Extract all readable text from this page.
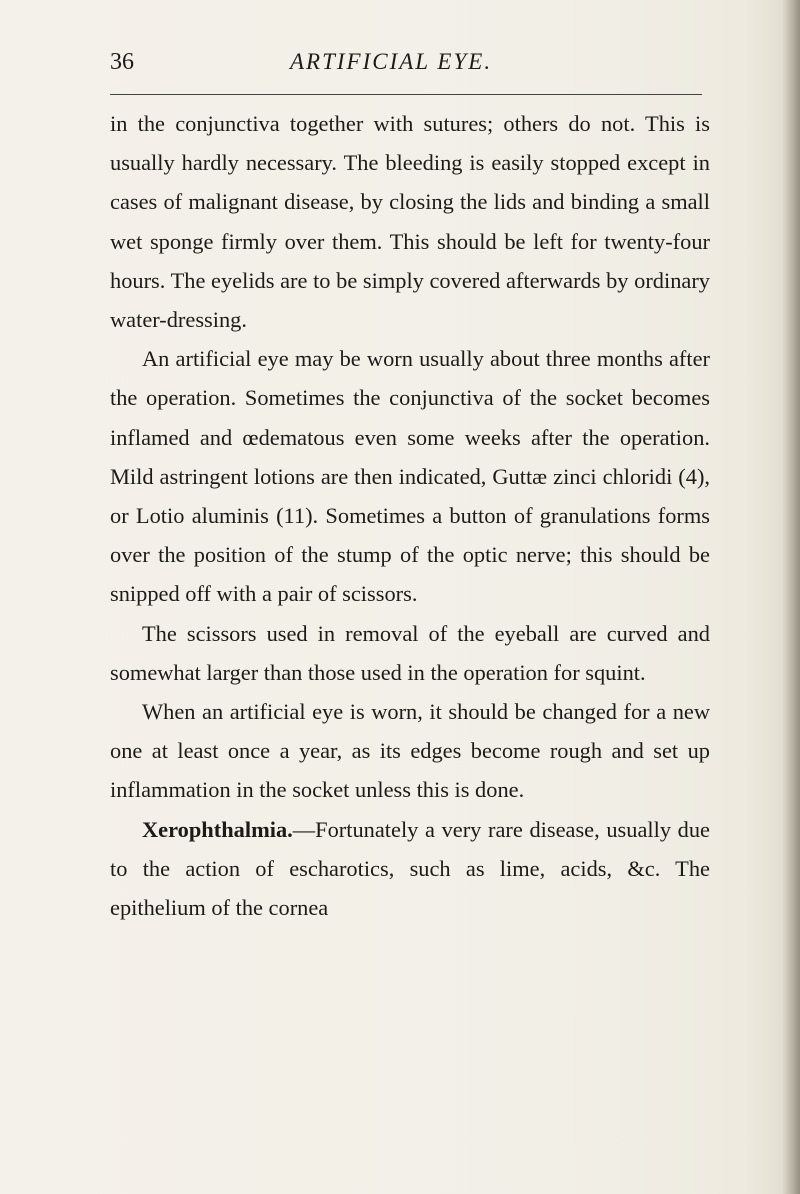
36	ARTIFICIAL EYE.

in the conjunctiva together with sutures; others do not. This is usually hardly necessary. The bleeding is easily stopped except in cases of malignant disease, by closing the lids and binding a small wet sponge firmly over them. This should be left for twenty-four hours. The eyelids are to be simply covered afterwards by ordinary water-dressing.

An artificial eye may be worn usually about three months after the operation. Sometimes the conjunctiva of the socket becomes inflamed and œdematous even some weeks after the operation. Mild astringent lotions are then indicated, Guttæ zinci chloridi (4), or Lotio aluminis (11). Sometimes a button of granulations forms over the position of the stump of the optic nerve; this should be snipped off with a pair of scissors.

The scissors used in removal of the eyeball are curved and somewhat larger than those used in the operation for squint.

When an artificial eye is worn, it should be changed for a new one at least once a year, as its edges become rough and set up inflammation in the socket unless this is done.

Xerophthalmia.—Fortunately a very rare disease, usually due to the action of escharotics, such as lime, acids, &c. The epithelium of the cornea
